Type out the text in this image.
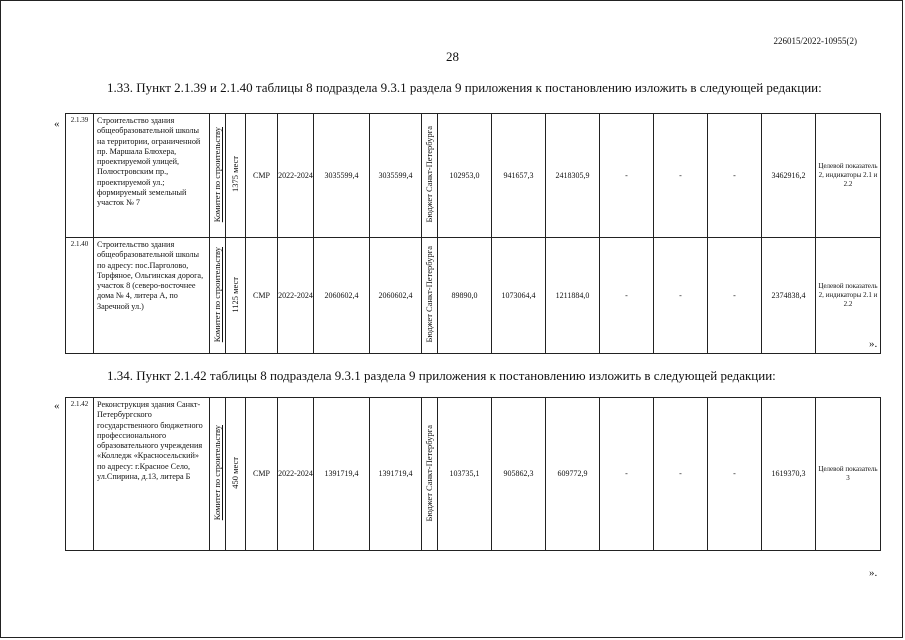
226015/2022-10955(2)
28
1.33. Пункт 2.1.39 и 2.1.40 таблицы 8 подраздела 9.3.1 раздела 9 приложения к постановлению изложить в следующей редакции:
« 2.1.39	Строительство здания общеобразовательной школы на территории, ограниченной пр. Маршала Блюхера, проектируемой улицей, Полюстровским пр., проектируемой ул.; формируемый земельный участок № 7	Комитет по строительству	1375 мест	СМР	2022-2024	3035599,4	3035599,4	Бюджет Санкт-Петербурга	102953,0	941657,3	2418305,9	-	-	-	3462916,2	Целевой показатель 2, индикаторы 2.1 и 2.2
2.1.40	Строительство здания общеобразовательной школы по адресу: пос.Парголово, Торфяное, Ольгинская дорога, участок 8 (северо-восточнее дома № 4, литера А, по Заречной ул.)	Комитет по строительству	1125 мест	СМР	2022-2024	2060602,4	2060602,4	Бюджет Санкт-Петербурга	89890,0	1073064,4	1211884,0	-	-	-	2374838,4	Целевой показатель 2, индикаторы 2.1 и 2.2
».
1.34. Пункт 2.1.42 таблицы 8 подраздела 9.3.1 раздела 9 приложения к постановлению изложить в следующей редакции:
« 2.1.42	Реконструкция здания Санкт-Петербургского государственного бюджетного профессионального образовательного учреждения «Колледж «Красносельский» по адресу: г.Красное Село, ул.Спирина, д.13, литера Б	Комитет по строительству	450 мест	СМР	2022-2024	1391719,4	1391719,4	Бюджет Санкт-Петербурга	103735,1	905862,3	609772,9	-	-	-	1619370,3	Целевой показатель 3
».
